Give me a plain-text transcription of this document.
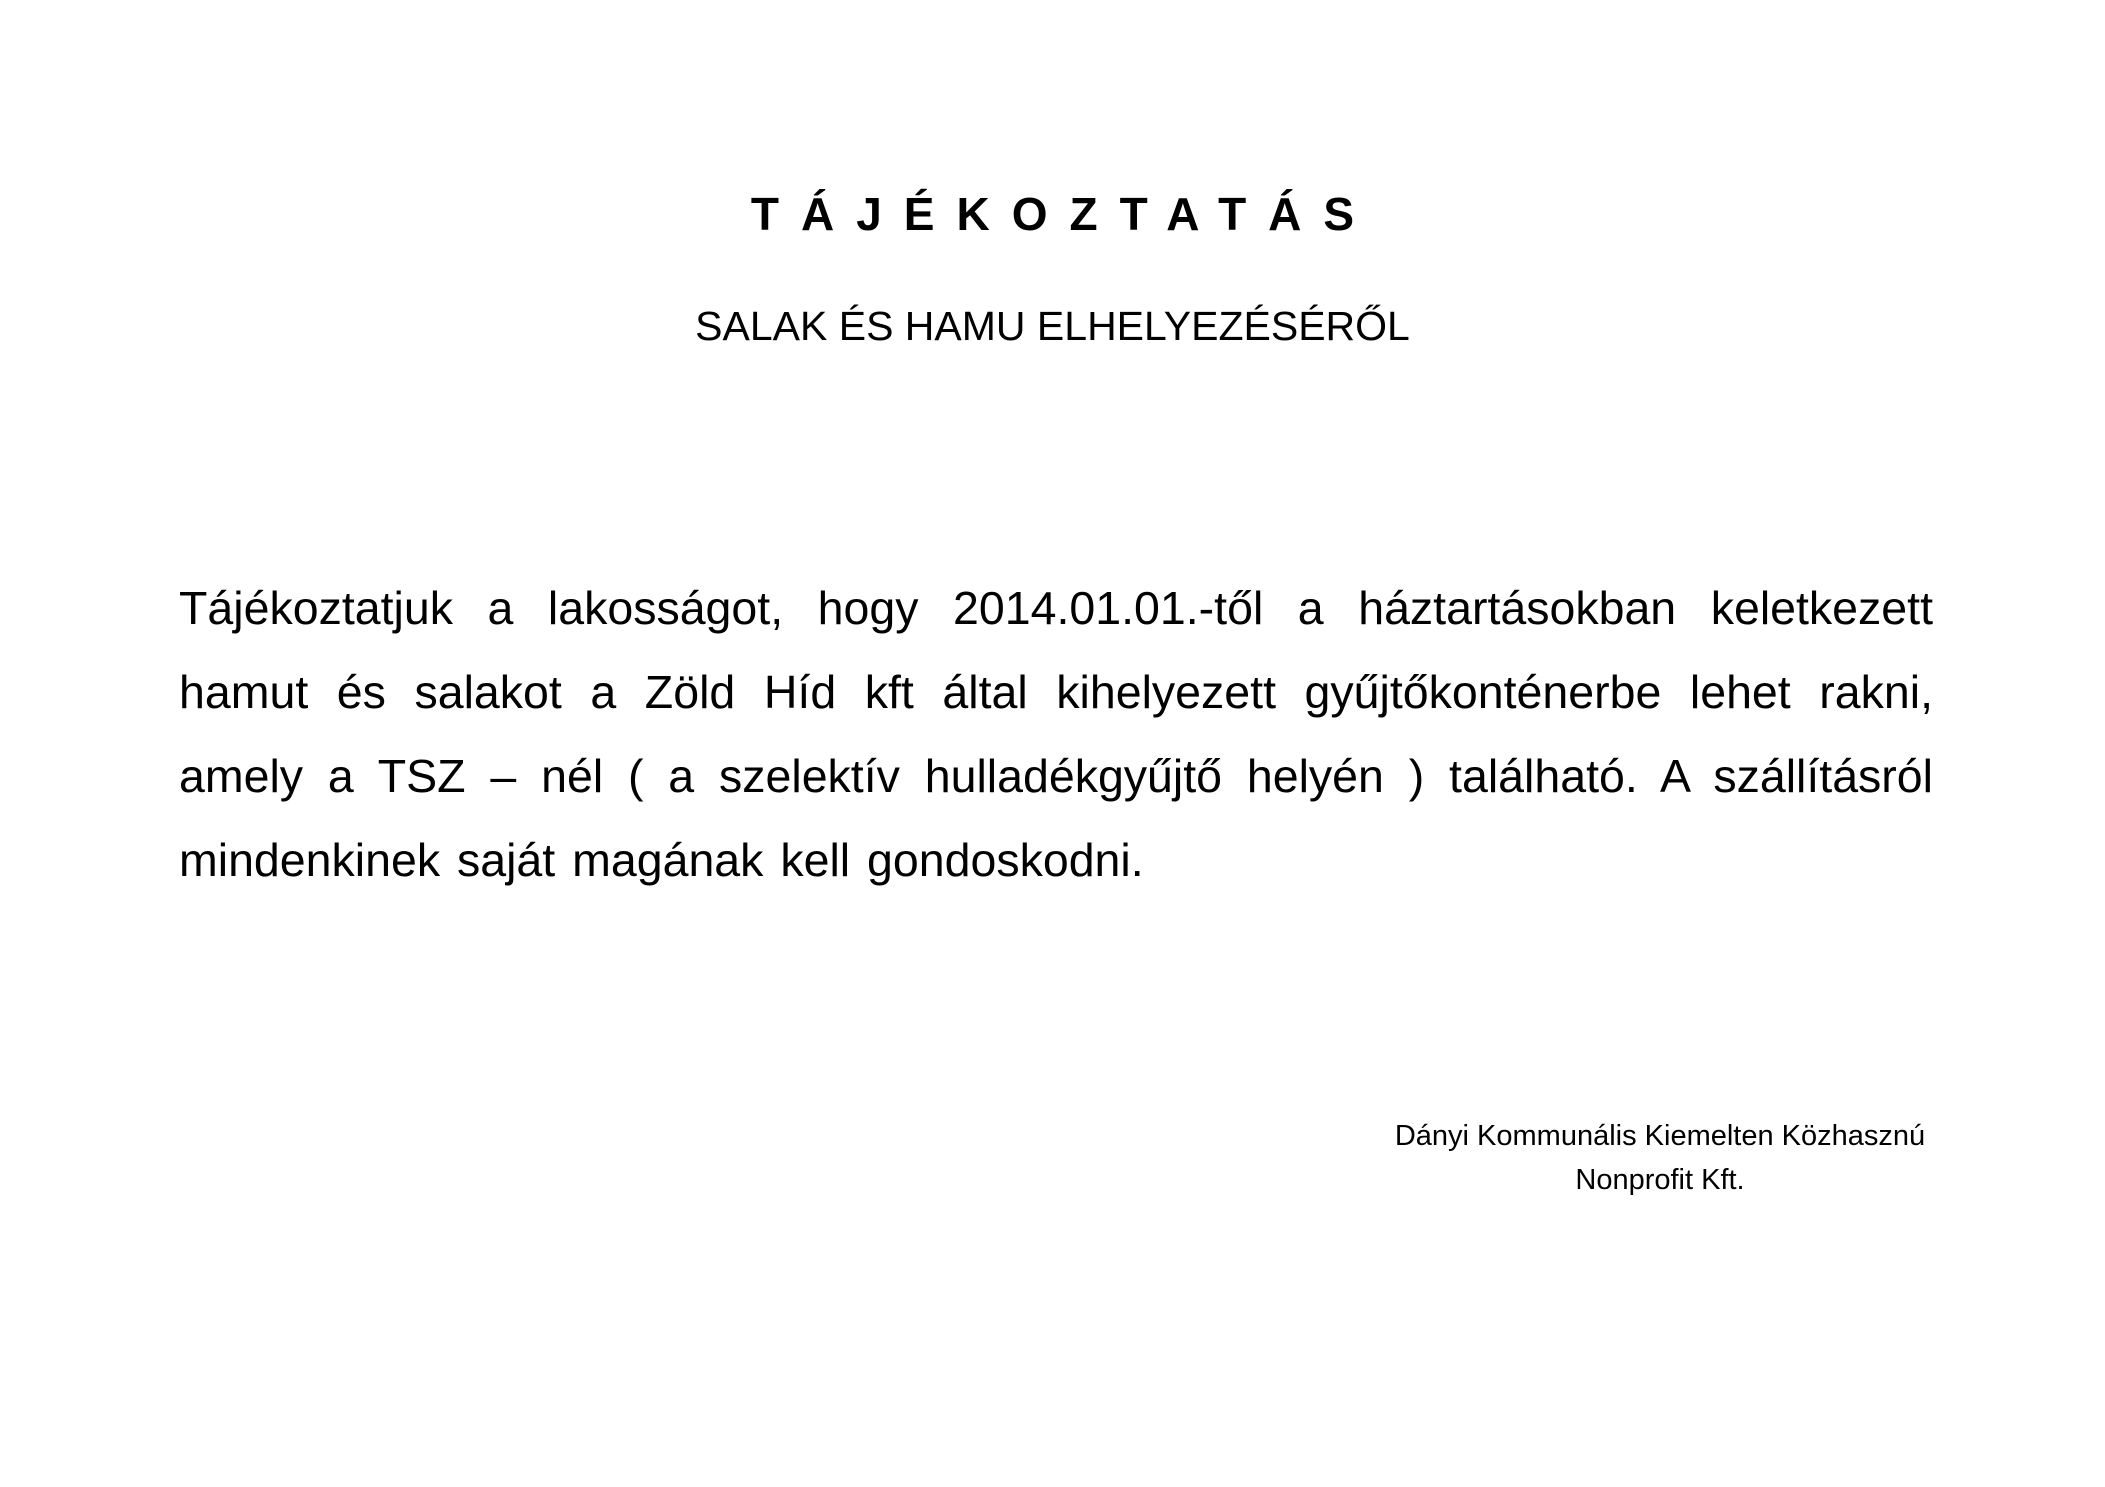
TÁJÉKOZTATÁS
SALAK ÉS HAMU ELHELYEZÉSÉRŐL
Tájékoztatjuk a lakosságot, hogy 2014.01.01.-től a háztartásokban keletkezett hamut és salakot a Zöld Híd kft által kihelyezett gyűjtőkonténerbe lehet rakni, amely a TSZ – nél ( a szelektív hulladékgyűjtő helyén ) található. A szállításról mindenkinek saját magának kell gondoskodni.
Dányi Kommunális Kiemelten Közhasznú
Nonprofit Kft.
